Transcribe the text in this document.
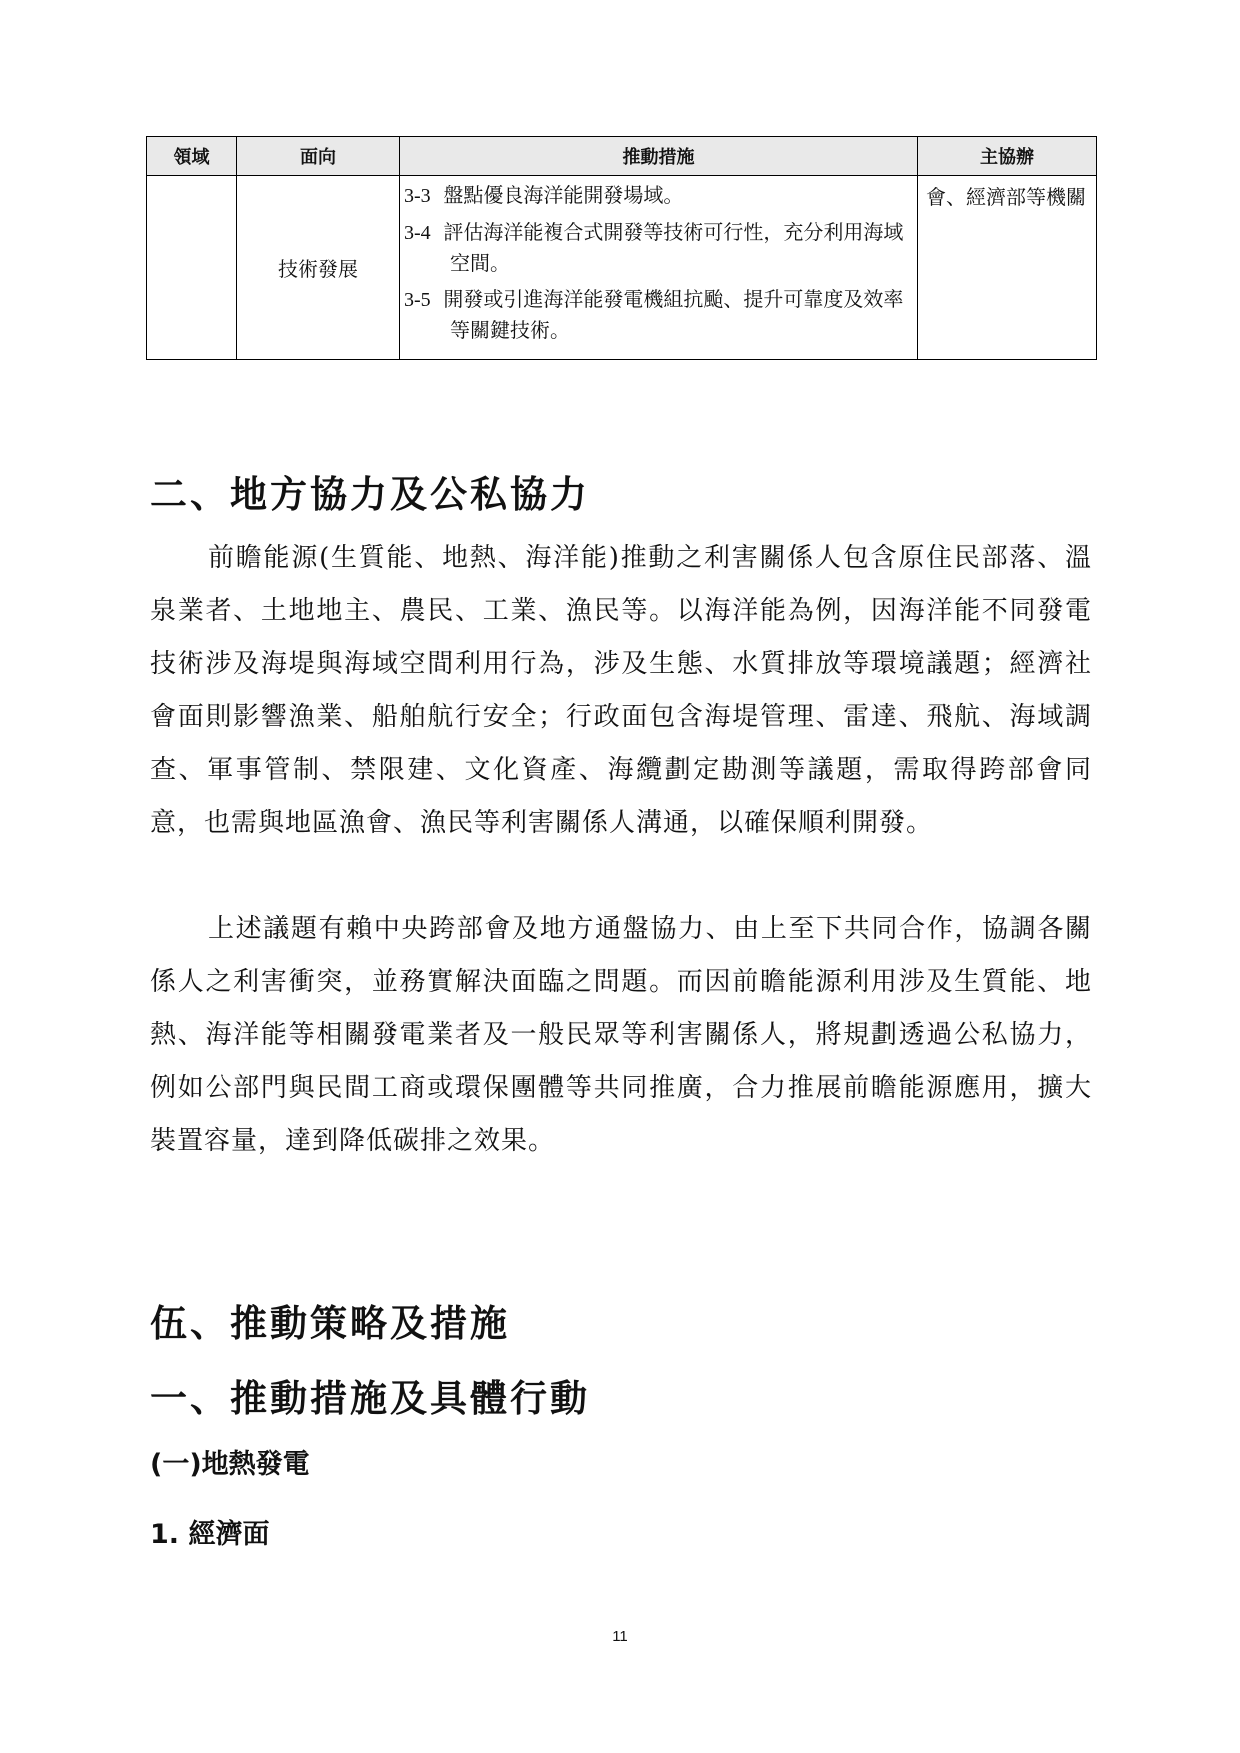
領域	面向	推動措施	主協辦
	技術發展	3-3 盤點優良海洋能開發場域。
3-4 評估海洋能複合式開發等技術可行性，充分利用海域空間。
3-5 開發或引進海洋能發電機組抗颱、提升可靠度及效率等關鍵技術。	會、經濟部等機關
二、地方協力及公私協力

前瞻能源(生質能、地熱、海洋能)推動之利害關係人包含原住民部落、溫泉業者、土地地主、農民、工業、漁民等。以海洋能為例，因海洋能不同發電技術涉及海堤與海域空間利用行為，涉及生態、水質排放等環境議題；經濟社會面則影響漁業、船舶航行安全；行政面包含海堤管理、雷達、飛航、海域調查、軍事管制、禁限建、文化資產、海纜劃定勘測等議題，需取得跨部會同意，也需與地區漁會、漁民等利害關係人溝通，以確保順利開發。

上述議題有賴中央跨部會及地方通盤協力、由上至下共同合作，協調各關係人之利害衝突，並務實解決面臨之問題。而因前瞻能源利用涉及生質能、地熱、海洋能等相關發電業者及一般民眾等利害關係人，將規劃透過公私協力，例如公部門與民間工商或環保團體等共同推廣，合力推展前瞻能源應用，擴大裝置容量，達到降低碳排之效果。

伍、推動策略及措施
一、推動措施及具體行動
(一)地熱發電
1. 經濟面
11
